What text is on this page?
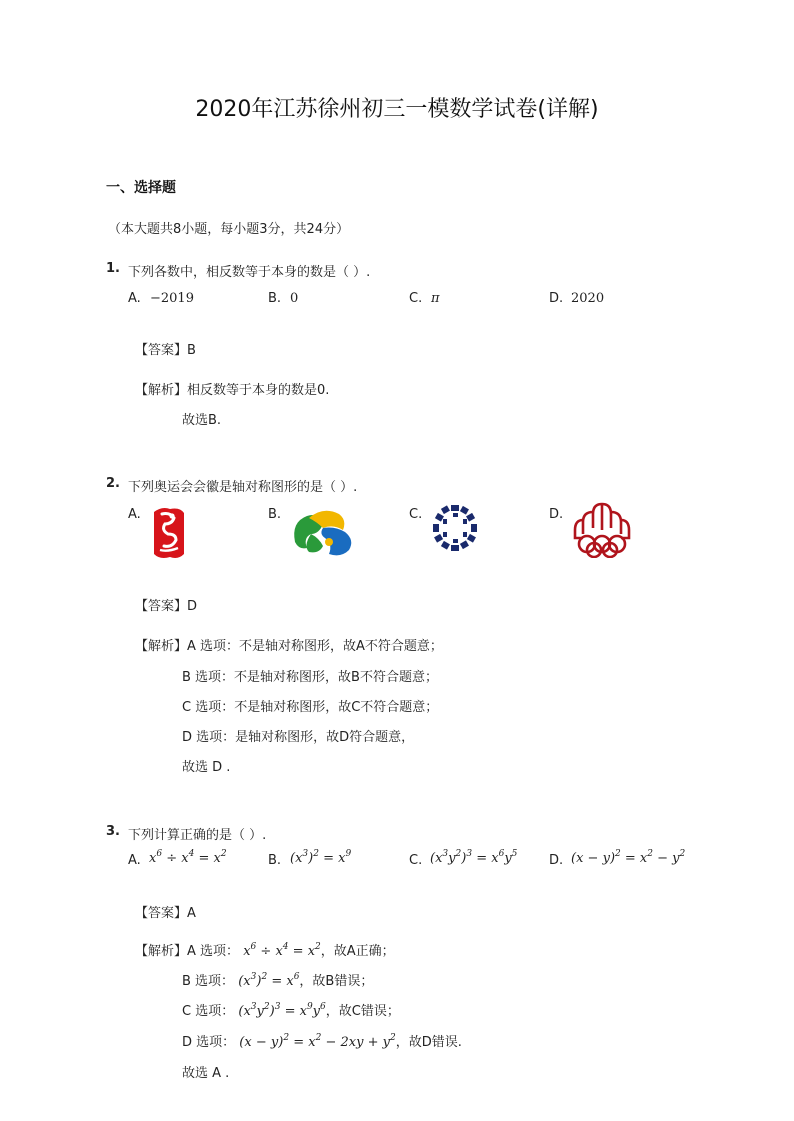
2020年江苏徐州初三一模数学试卷(详解)
一、选择题
（本大题共8小题，每小题3分，共24分）
1. 下列各数中，相反数等于本身的数是（ ）.
A. −2019	B. 0	C. π	D. 2020
【答案】B
【解析】相反数等于本身的数是0.
故选B.
2. 下列奥运会会徽是轴对称图形的是（ ）.
A.	B.	C.	D.
【答案】D
【解析】A 选项：不是轴对称图形，故A不符合题意；
B 选项：不是轴对称图形，故B不符合题意；
C 选项：不是轴对称图形，故C不符合题意；
D 选项：是轴对称图形，故D符合题意，
故选 D .
3. 下列计算正确的是（ ）.
A. $x^6 \div x^4 = x^2$	B. $(x^3)^2 = x^9$	C. $(x^3y^2)^3 = x^6y^5$ D. $(x - y)^2 = x^2 - y^2$
【答案】A
【解析】A 选项： $x^6 \div x^4 = x^2$，故A正确；
B 选项： $(x^3)^2 = x^6$，故B错误；
C 选项： $(x^3y^2)^3 = x^9y^6$，故C错误；
D 选项： $(x - y)^2 = x^2 - 2xy + y^2$，故D错误.
故选 A .
